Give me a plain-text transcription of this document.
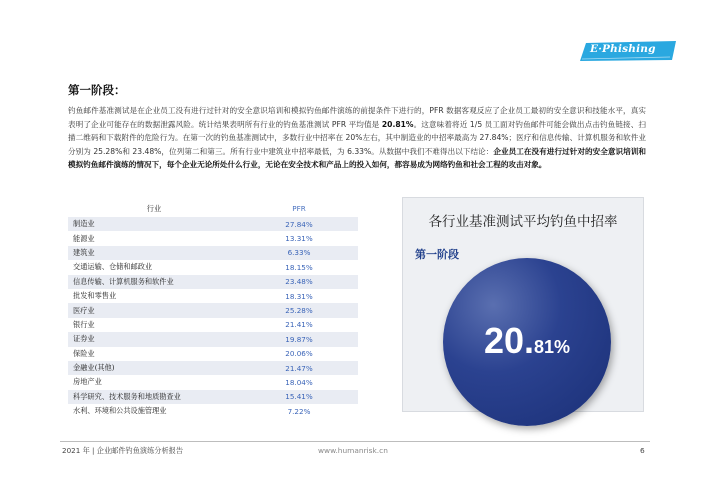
E·Phishing
第一阶段：
钓鱼邮件基准测试是在企业员工没有进行过针对的安全意识培训和模拟钓鱼邮件演练的前提条件下进行的，PFR 数据客观反应了企业员工最初的安全意识和技能水平，真实表明了企业可能存在的数据泄露风险。统计结果表明所有行业的钓鱼基准测试 PFR 平均值是 20.81%。这意味着将近 1/5 员工面对钓鱼邮件可能会做出点击钓鱼链接、扫描二维码和下载附件的危险行为。在第一次的钓鱼基准测试中，多数行业中招率在 20%左右，其中制造业的中招率最高为 27.84%；医疗和信息传输、计算机服务和软件业分别为 25.28%和 23.48%，位列第二和第三。所有行业中建筑业中招率最低，为 6.33%。从数据中我们不难得出以下结论：企业员工在没有进行过针对的安全意识培训和模拟钓鱼邮件演练的情况下，每个企业无论所处什么行业，无论在安全技术和产品上的投入如何，都容易成为网络钓鱼和社会工程的攻击对象。
行业	PFR
制造业	27.84%
能源业	13.31%
建筑业	6.33%
交通运输、仓储和邮政业	18.15%
信息传输、计算机服务和软件业	23.48%
批发和零售业	18.31%
医疗业	25.28%
银行业	21.41%
证券业	19.87%
保险业	20.06%
金融业(其他)	21.47%
房地产业	18.04%
科学研究、技术服务和地质勘查业	15.41%
水利、环境和公共设施管理业	7.22%
各行业基准测试平均钓鱼中招率
20.81%
第一阶段
2021 年 | 企业邮件钓鱼演练分析报告	www.humanrisk.cn	6
